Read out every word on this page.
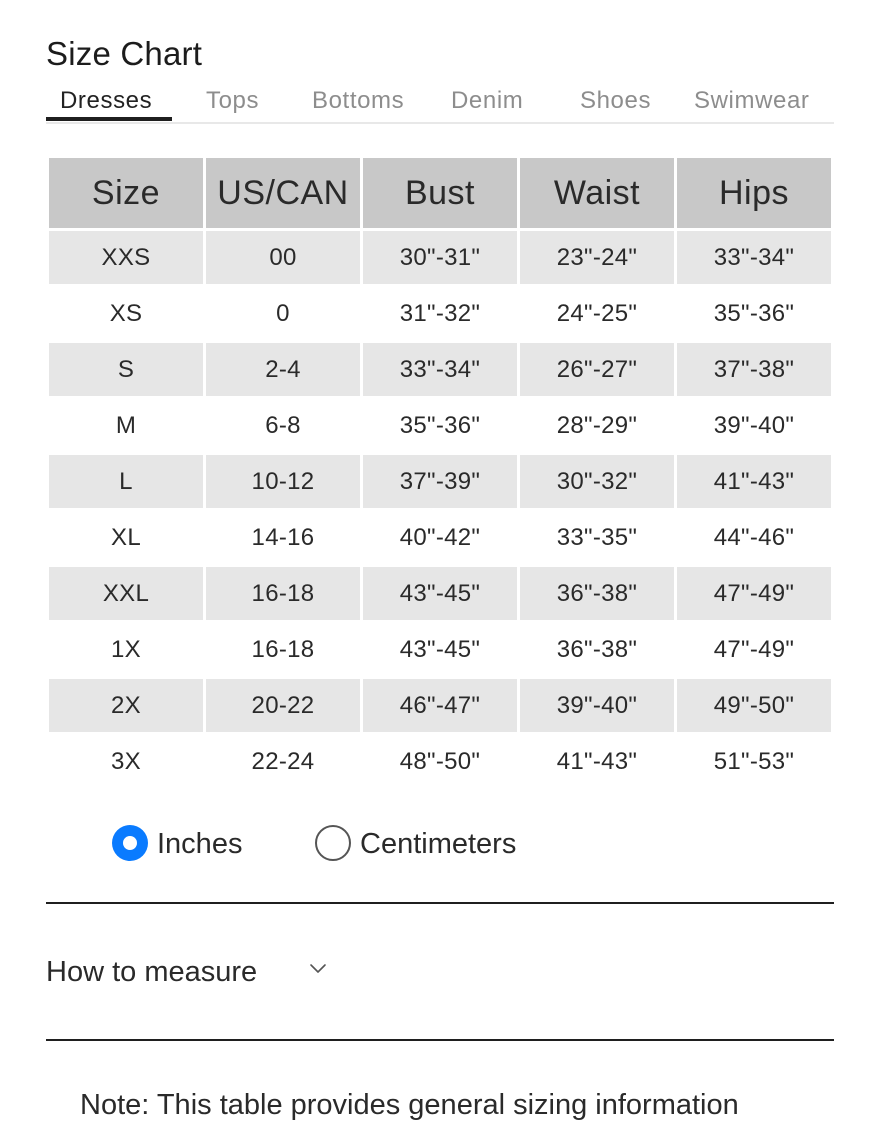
Size Chart
Dresses Tops Bottoms Denim Shoes Swimwear
Size	US/CAN	Bust	Waist	Hips
XXS	00	30"-31"	23"-24"	33"-34"
XS	0	31"-32"	24"-25"	35"-36"
S	2-4	33"-34"	26"-27"	37"-38"
M	6-8	35"-36"	28"-29"	39"-40"
L	10-12	37"-39"	30"-32"	41"-43"
XL	14-16	40"-42"	33"-35"	44"-46"
XXL	16-18	43"-45"	36"-38"	47"-49"
1X	16-18	43"-45"	36"-38"	47"-49"
2X	20-22	46"-47"	39"-40"	49"-50"
3X	22-24	48"-50"	41"-43"	51"-53"
Inches	Centimeters
How to measure
Note: This table provides general sizing information
